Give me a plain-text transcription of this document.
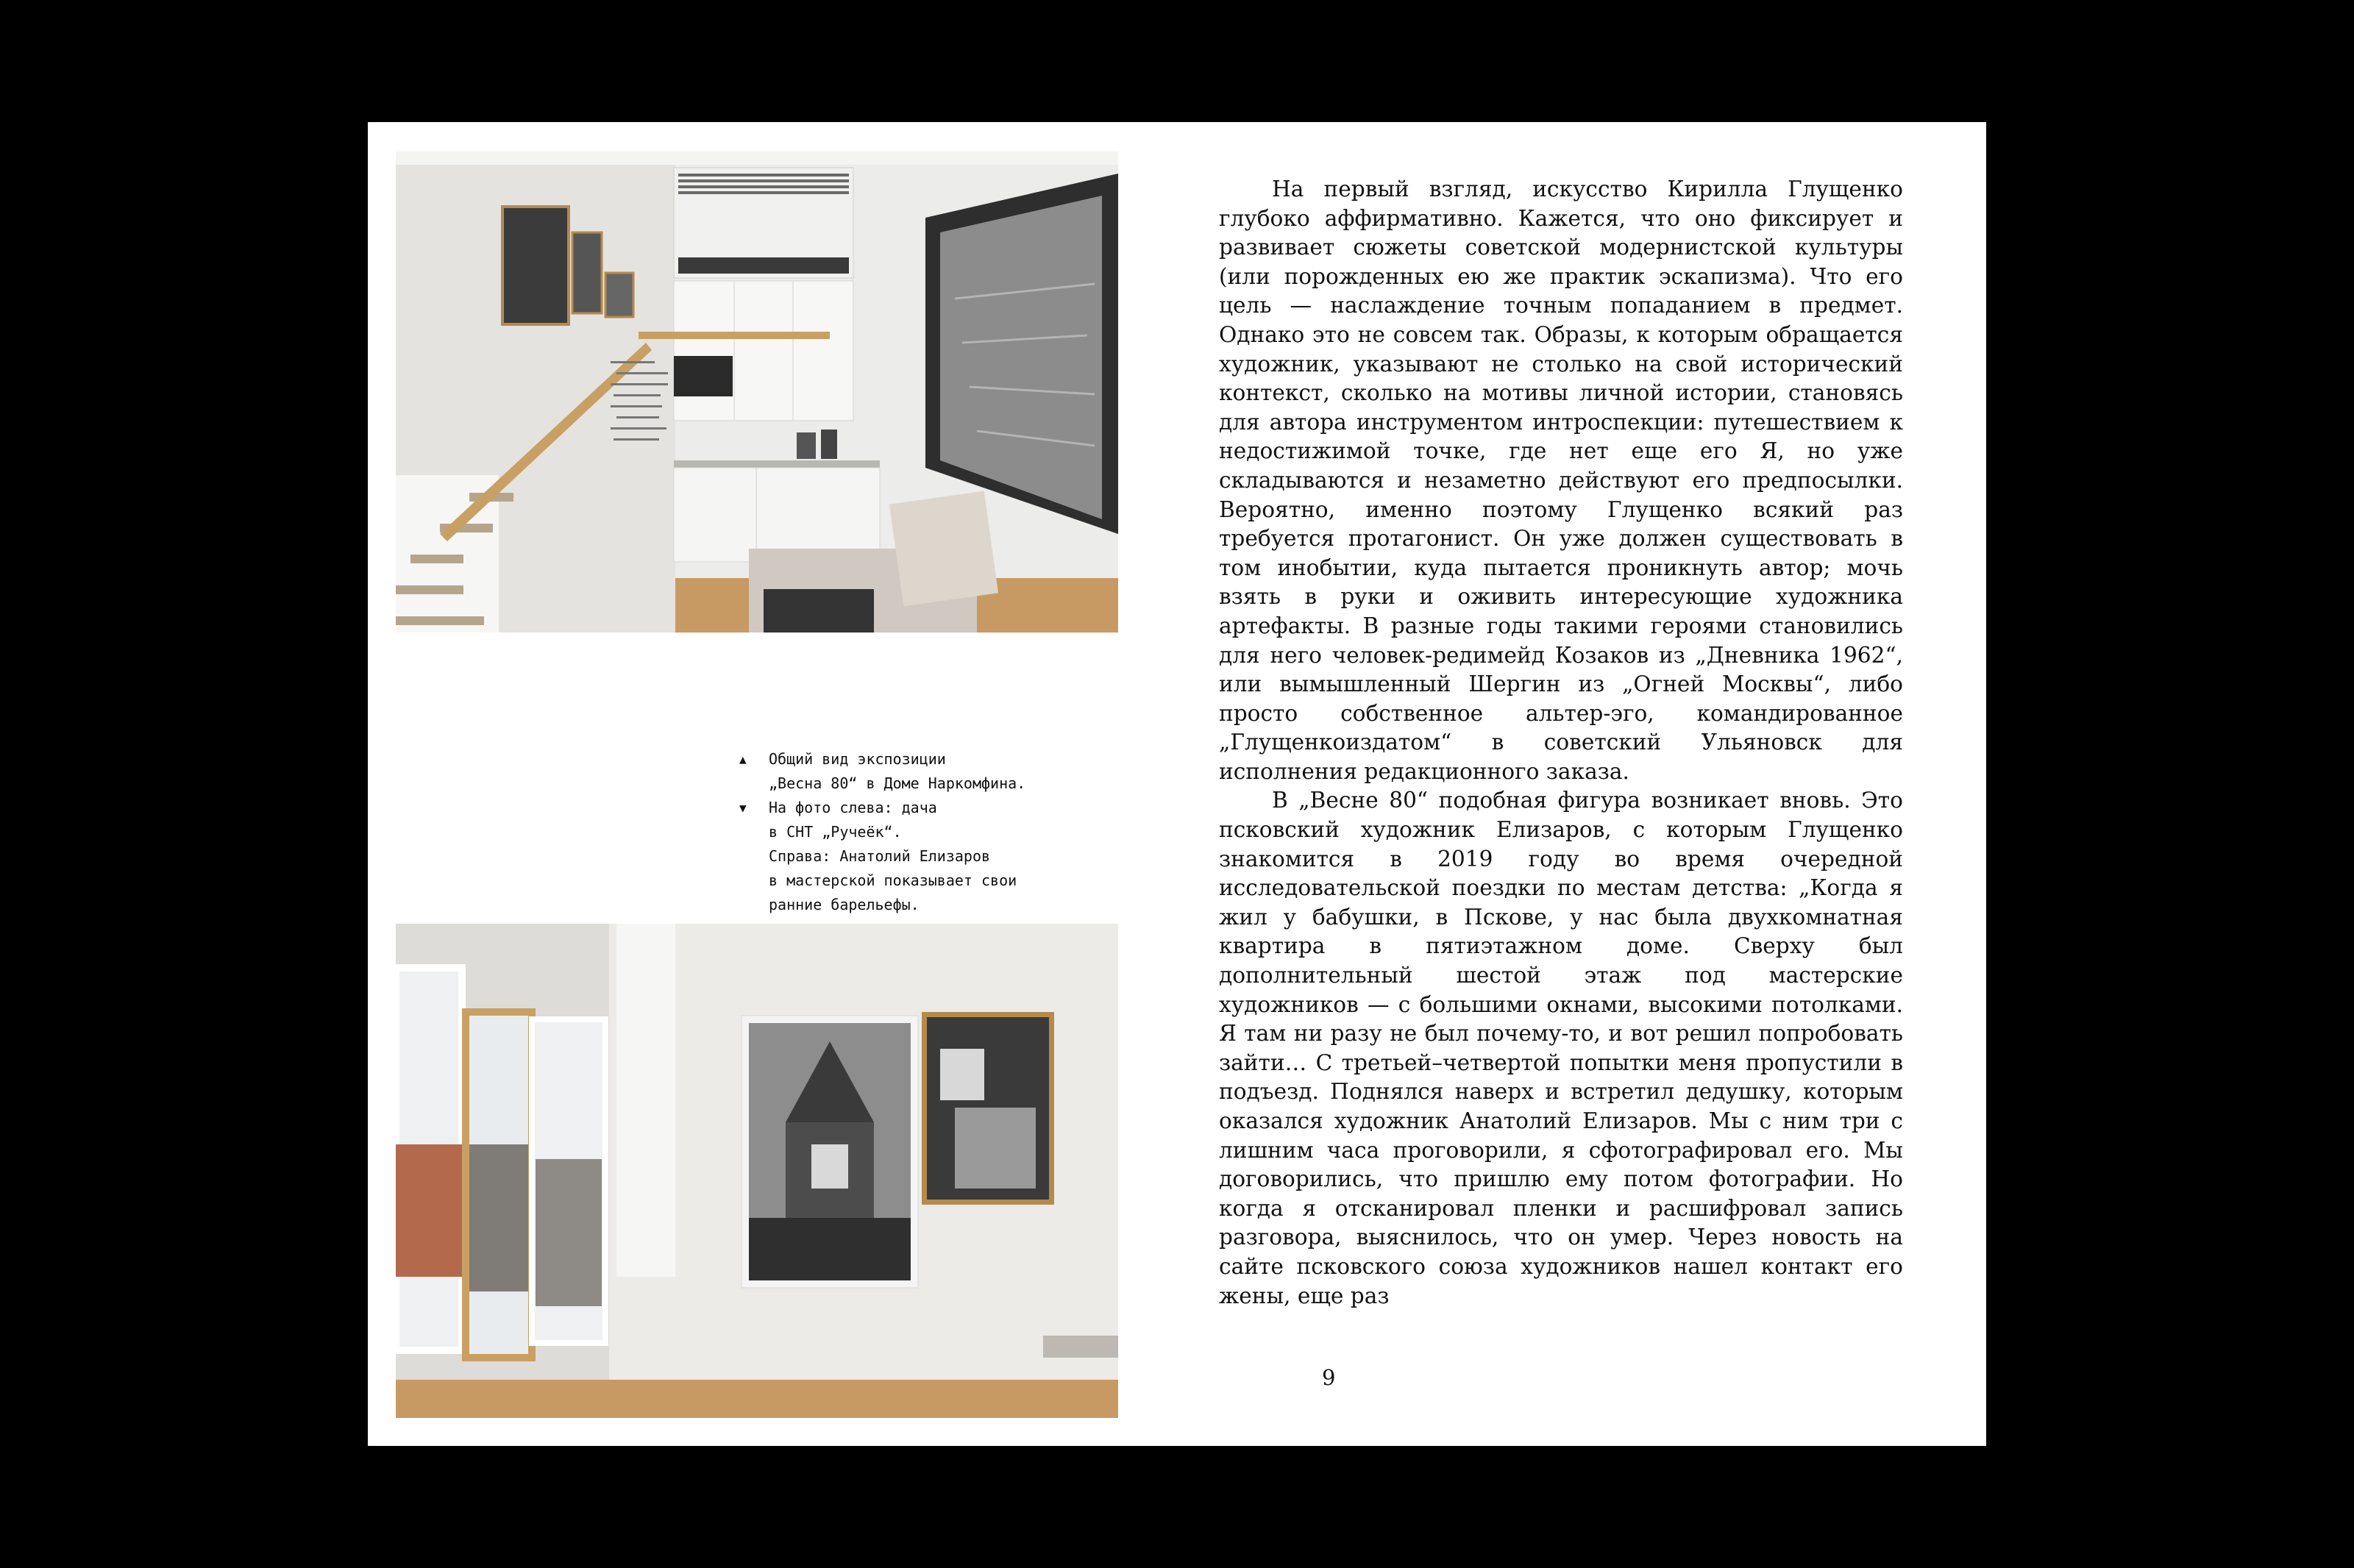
▲	Общий вид экспозиции
„Весна 80“ в Доме Наркомфина.
▼	На фото слева: дача
в СНТ „Ручеёк“.
Справа: Анатолий Елизаров
в мастерской показывает свои
ранние барельефы.

На первый взгляд, искусство Кирилла Глущенко глубоко аффирмативно. Кажется, что оно фиксирует и развивает сюжеты советской модернистской культуры (или порожденных ею же практик эскапизма). Что его цель — наслаждение точным попаданием в предмет. Однако это не совсем так. Образы, к которым обращается художник, указывают не столько на свой исторический контекст, сколько на мотивы личной истории, становясь для автора инструментом интроспекции: путешествием к недостижимой точке, где нет еще его Я, но уже складываются и незаметно действуют его предпосылки. Вероятно, именно поэтому Глущенко всякий раз требуется протагонист. Он уже должен существовать в том инобытии, куда пытается проникнуть автор; мочь взять в руки и оживить интересующие художника артефакты. В разные годы такими героями становились для него человек-редимейд Козаков из „Дневника 1962“, или вымышленный Шергин из „Огней Москвы“, либо просто собственное альтер-эго, командированное „Глущенкоиздатом“ в советский Ульяновск для исполнения редакционного заказа.

В „Весне 80“ подобная фигура возникает вновь. Это псковский художник Елизаров, с которым Глущенко знакомится в 2019 году во время очередной исследовательской поездки по местам детства: „Когда я жил у бабушки, в Пскове, у нас была двухкомнатная квартира в пятиэтажном доме. Сверху был дополнительный шестой этаж под мастерские художников — с большими окнами, высокими потолками. Я там ни разу не был почему-то, и вот решил попробовать зайти… С третьей–четвертой попытки меня пропустили в подъезд. Поднялся наверх и встретил дедушку, которым оказался художник Анатолий Елизаров. Мы с ним три с лишним часа проговорили, я сфотографировал его. Мы договорились, что пришлю ему потом фотографии. Но когда я отсканировал пленки и расшифровал запись разговора, выяснилось, что он умер. Через новость на сайте псковского союза художников нашел контакт его жены, еще раз

9
